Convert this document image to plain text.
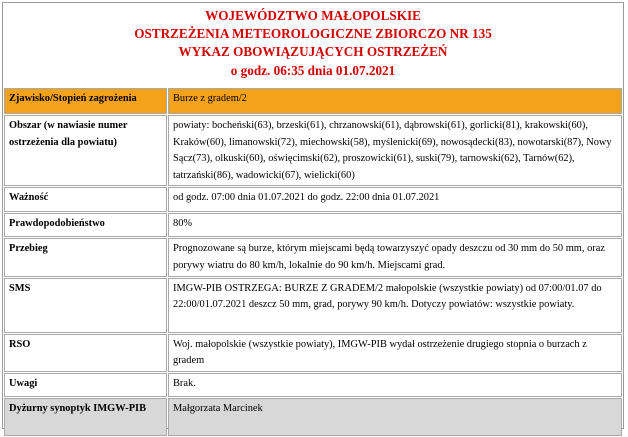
WOJEWÓDZTWO MAŁOPOLSKIE
OSTRZEŻENIA METEOROLOGICZNE ZBIORCZO NR 135
WYKAZ OBOWIĄZUJĄCYCH OSTRZEŻEŃ
o godz. 06:35 dnia 01.07.2021
Zjawisko/Stopień zagrożenia	Burze z gradem/2
Obszar (w nawiasie numer ostrzeżenia dla powiatu)	powiaty: bocheński(63), brzeski(61), chrzanowski(61), dąbrowski(61), gorlicki(81), krakowski(60), Kraków(60), limanowski(72), miechowski(58), myślenicki(69), nowosądecki(83), nowotarski(87), Nowy Sącz(73), olkuski(60), oświęcimski(62), proszowicki(61), suski(79), tarnowski(62), Tarnów(62), tatrzański(86), wadowicki(67), wielicki(60)
Ważność	od godz. 07:00 dnia 01.07.2021 do godz. 22:00 dnia 01.07.2021
Prawdopodobieństwo	80%
Przebieg	Prognozowane są burze, którym miejscami będą towarzyszyć opady deszczu od 30 mm do 50 mm, oraz porywy wiatru do 80 km/h, lokalnie do 90 km/h. Miejscami grad.
SMS	IMGW-PIB OSTRZEGA: BURZE Z GRADEM/2 małopolskie (wszystkie powiaty) od 07:00/01.07 do 22:00/01.07.2021 deszcz 50 mm, grad, porywy 90 km/h. Dotyczy powiatów: wszystkie powiaty.
RSO	Woj. małopolskie (wszystkie powiaty), IMGW-PIB wydał ostrzeżenie drugiego stopnia o burzach z gradem
Uwagi	Brak.
Dyżurny synoptyk IMGW-PIB	Małgorzata Marcinek
